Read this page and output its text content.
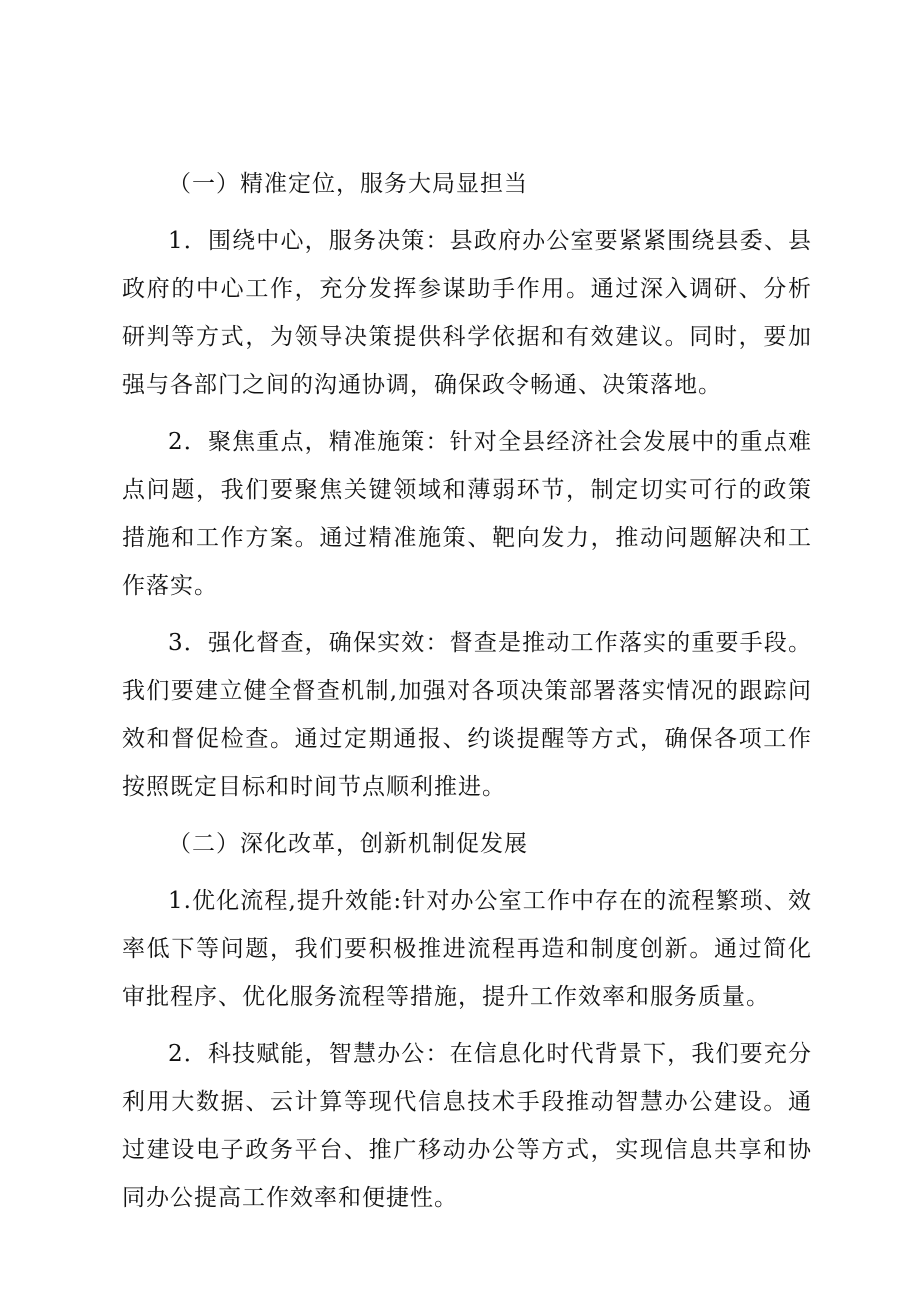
（一）精准定位，服务大局显担当

1．围绕中心，服务决策：县政府办公室要紧紧围绕县委、县政府的中心工作，充分发挥参谋助手作用。通过深入调研、分析研判等方式，为领导决策提供科学依据和有效建议。同时，要加强与各部门之间的沟通协调，确保政令畅通、决策落地。

2．聚焦重点，精准施策：针对全县经济社会发展中的重点难点问题，我们要聚焦关键领域和薄弱环节，制定切实可行的政策措施和工作方案。通过精准施策、靶向发力，推动问题解决和工作落实。

3．强化督查，确保实效：督查是推动工作落实的重要手段。我们要建立健全督查机制,加强对各项决策部署落实情况的跟踪问效和督促检查。通过定期通报、约谈提醒等方式，确保各项工作按照既定目标和时间节点顺利推进。

（二）深化改革，创新机制促发展

1.优化流程,提升效能:针对办公室工作中存在的流程繁琐、效率低下等问题，我们要积极推进流程再造和制度创新。通过简化审批程序、优化服务流程等措施，提升工作效率和服务质量。

2．科技赋能，智慧办公：在信息化时代背景下，我们要充分利用大数据、云计算等现代信息技术手段推动智慧办公建设。通过建设电子政务平台、推广移动办公等方式，实现信息共享和协同办公提高工作效率和便捷性。
